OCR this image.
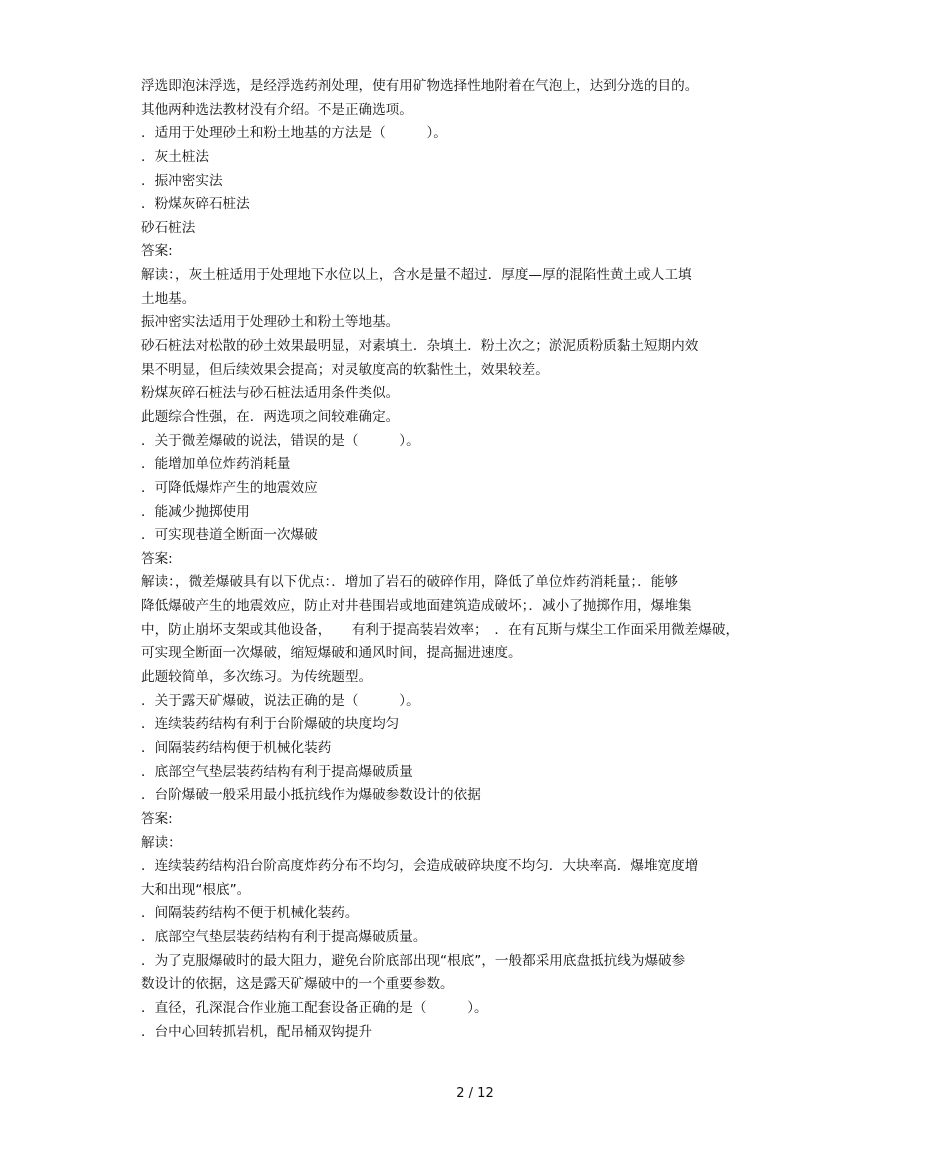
浮选即泡沫浮选，是经浮选药剂处理，使有用矿物选择性地附着在气泡上，达到分选的目的。
其他两种选法教材没有介绍。不是正确选项。
．适用于处理砂土和粉土地基的方法是（　　　）。
．灰土桩法
．振冲密实法
．粉煤灰碎石桩法
砂石桩法
答案:
解读：，灰土桩适用于处理地下水位以上，含水是量不超过．厚度—厚的混陷性黄土或人工填
土地基。
振冲密实法适用于处理砂土和粉土等地基。
砂石桩法对松散的砂土效果最明显，对素填土．杂填土．粉土次之；淤泥质粉质黏土短期内效
果不明显，但后续效果会提高；对灵敏度高的软黏性土，效果较差。
粉煤灰碎石桩法与砂石桩法适用条件类似。
此题综合性强，在．两选项之间较难确定。
．关于微差爆破的说法，错误的是（　　　）。
．能增加单位炸药消耗量
．可降低爆炸产生的地震效应
．能减少抛掷使用
．可实现巷道全断面一次爆破
答案:
解读：，微差爆破具有以下优点：．增加了岩石的破碎作用，降低了单位炸药消耗量；．能够
降低爆破产生的地震效应，防止对井巷围岩或地面建筑造成破坏；．减小了抛掷作用，爆堆集
中，防止崩坏支架或其他设备，　　有利于提高装岩效率；　．在有瓦斯与煤尘工作面采用微差爆破，
可实现全断面一次爆破，缩短爆破和通风时间，提高掘进速度。
此题较简单，多次练习。为传统题型。
．关于露天矿爆破，说法正确的是（　　　）。
．连续装药结构有利于台阶爆破的块度均匀
．间隔装药结构便于机械化装药
．底部空气垫层装药结构有利于提高爆破质量
．台阶爆破一般采用最小抵抗线作为爆破参数设计的依据
答案:
解读：
．连续装药结构沿台阶高度炸药分布不均匀，会造成破碎块度不均匀．大块率高．爆堆宽度增
大和出现“根底”。
．间隔装药结构不便于机械化装药。
．底部空气垫层装药结构有利于提高爆破质量。
．为了克服爆破时的最大阻力，避免台阶底部出现“根底”，一般都采用底盘抵抗线为爆破参
数设计的依据，这是露天矿爆破中的一个重要参数。
．直径，孔深混合作业施工配套设备正确的是（　　　）。
．台中心回转抓岩机，配吊桶双钩提升
2 / 12
